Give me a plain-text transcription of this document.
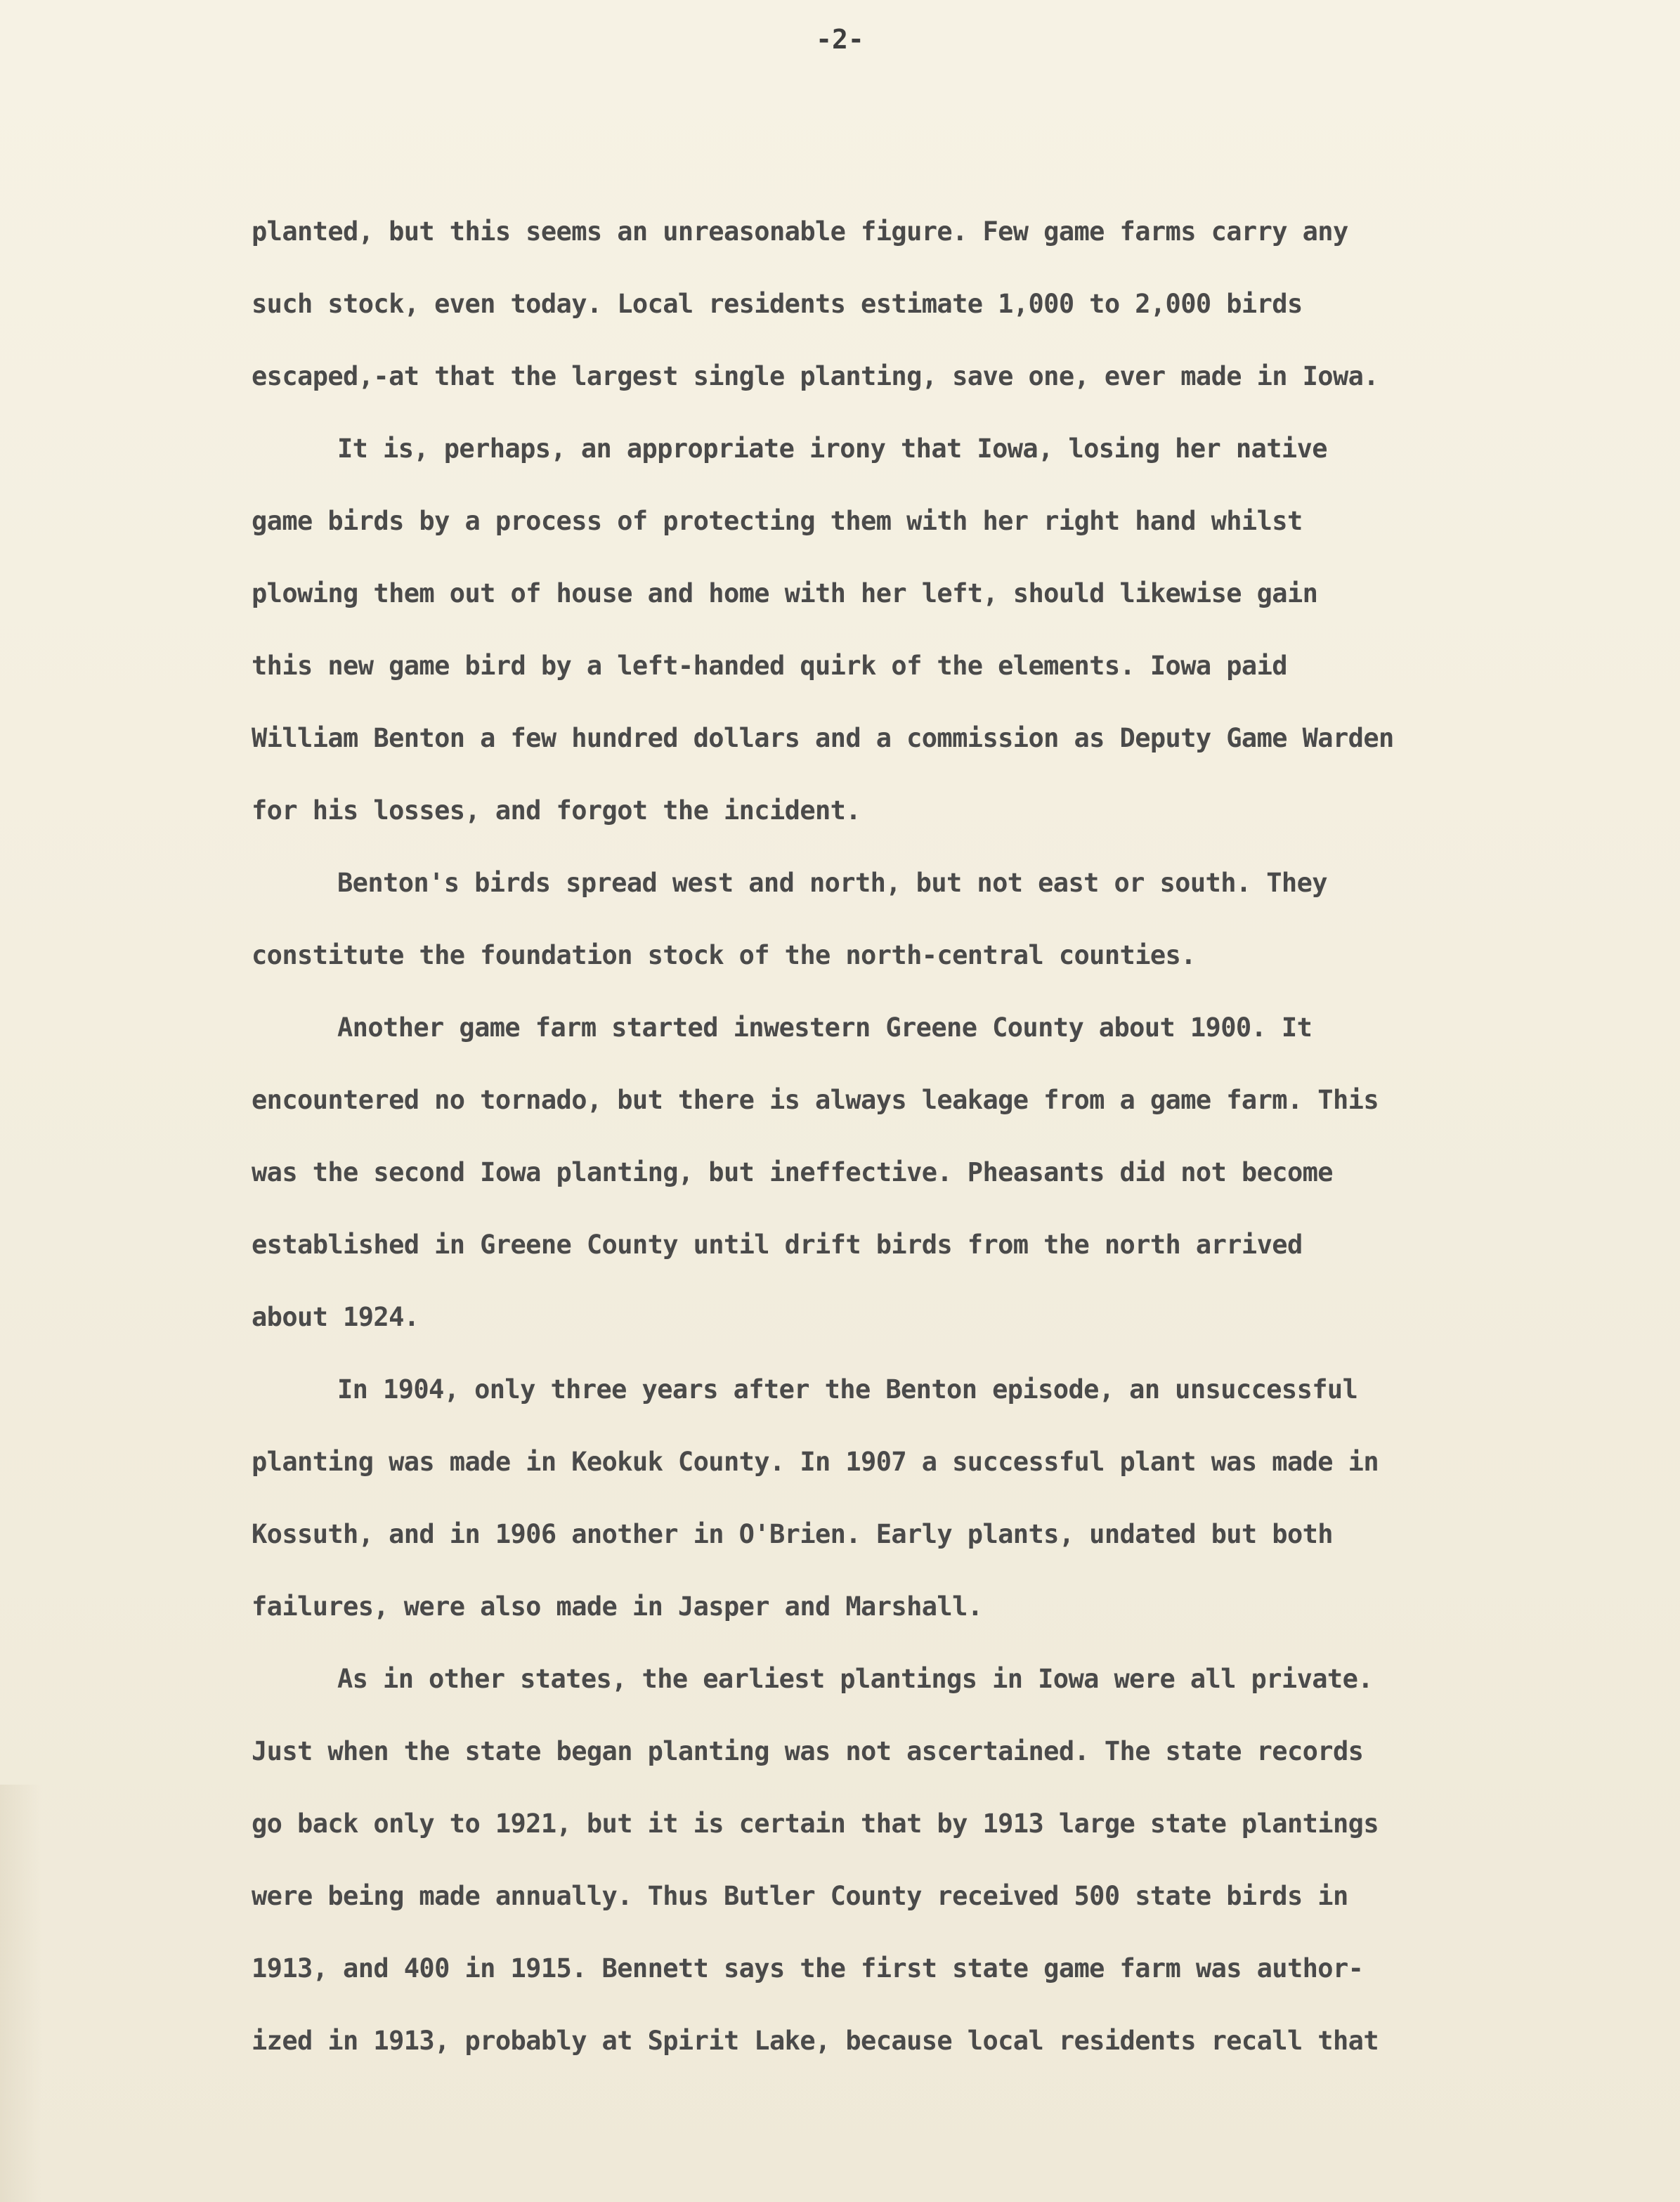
-2-
planted, but this seems an unreasonable figure. Few game farms carry any
such stock, even today. Local residents estimate 1,000 to 2,000 birds
escaped,-at that the largest single planting, save one, ever made in Iowa.
It is, perhaps, an appropriate irony that Iowa, losing her native
game birds by a process of protecting them with her right hand whilst
plowing them out of house and home with her left, should likewise gain
this new game bird by a left-handed quirk of the elements. Iowa paid
William Benton a few hundred dollars and a commission as Deputy Game Warden
for his losses, and forgot the incident.
Benton's birds spread west and north, but not east or south. They
constitute the foundation stock of the north-central counties.
Another game farm started inwestern Greene County about 1900. It
encountered no tornado, but there is always leakage from a game farm. This
was the second Iowa planting, but ineffective. Pheasants did not become
established in Greene County until drift birds from the north arrived
about 1924.
In 1904, only three years after the Benton episode, an unsuccessful
planting was made in Keokuk County. In 1907 a successful plant was made in
Kossuth, and in 1906 another in O'Brien. Early plants, undated but both
failures, were also made in Jasper and Marshall.
As in other states, the earliest plantings in Iowa were all private.
Just when the state began planting was not ascertained. The state records
go back only to 1921, but it is certain that by 1913 large state plantings
were being made annually. Thus Butler County received 500 state birds in
1913, and 400 in 1915. Bennett says the first state game farm was author-
ized in 1913, probably at Spirit Lake, because local residents recall that
